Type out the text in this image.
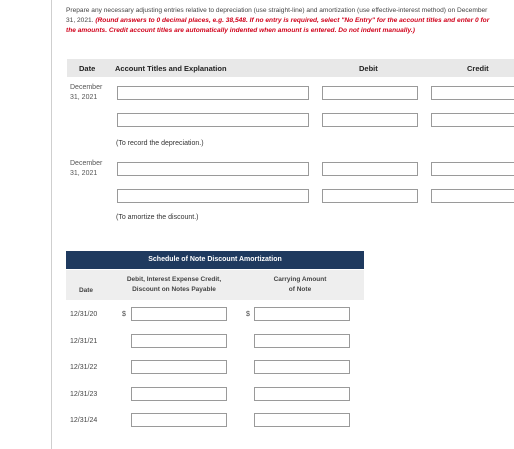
Prepare any necessary adjusting entries relative to depreciation (use straight-line) and amortization (use effective-interest method) on December 31, 2021. (Round answers to 0 decimal places, e.g. 38,548. If no entry is required, select "No Entry" for the account titles and enter 0 for the amounts. Credit account titles are automatically indented when amount is entered. Do not indent manually.)
Date	Account Titles and Explanation	Debit	Credit
December
31, 2021
(To record the depreciation.)
December
31, 2021
(To amortize the discount.)
Schedule of Note Discount Amortization
Date
Debit, Interest Expense Credit,
Discount on Notes Payable
Carrying Amount
of Note
12/31/20	$	$
12/31/21
12/31/22
12/31/23
12/31/24
